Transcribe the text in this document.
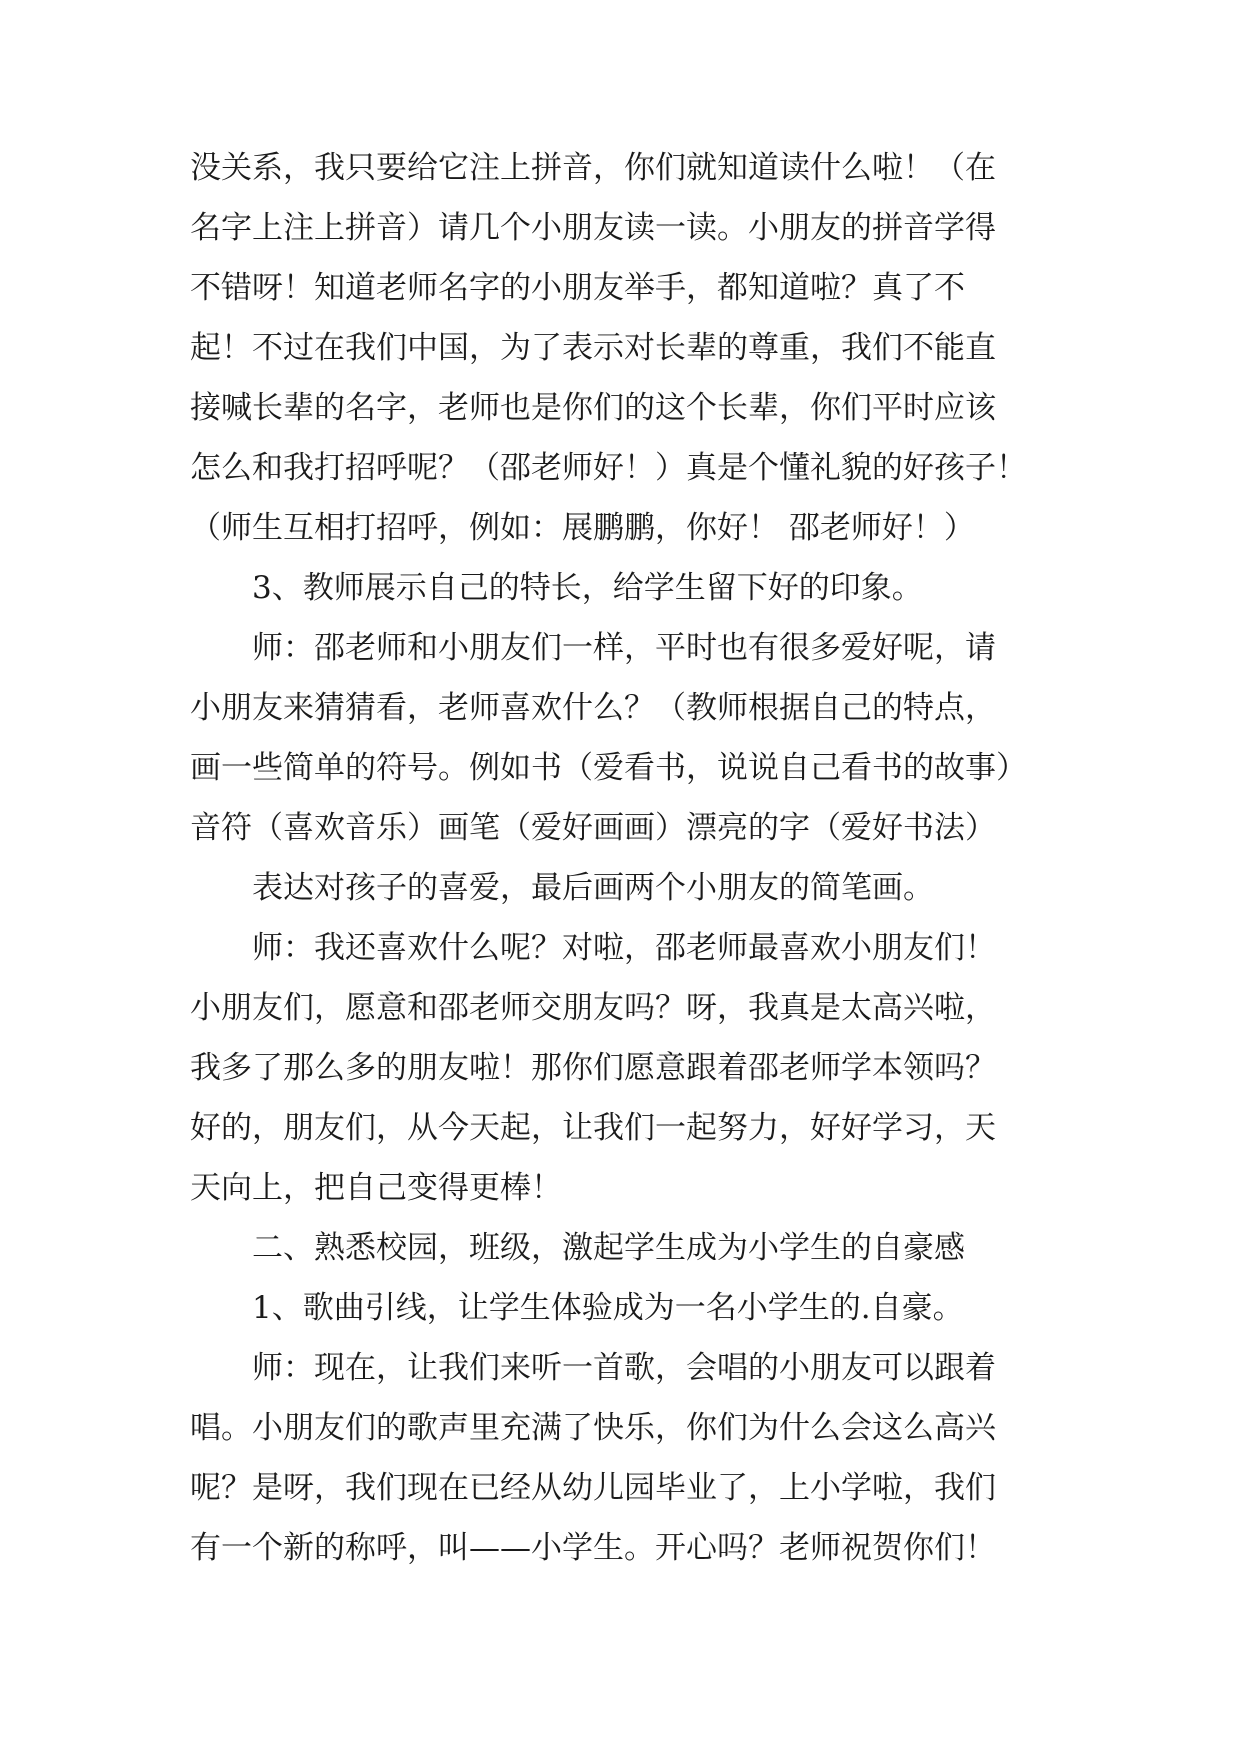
没关系，我只要给它注上拼音，你们就知道读什么啦！（在

名字上注上拼音）请几个小朋友读一读。小朋友的拼音学得

不错呀！知道老师名字的小朋友举手，都知道啦？真了不

起！不过在我们中国，为了表示对长辈的尊重，我们不能直

接喊长辈的名字，老师也是你们的这个长辈，你们平时应该

怎么和我打招呼呢？（邵老师好！）真是个懂礼貌的好孩子！

（师生互相打招呼，例如：展鹏鹏，你好！ 邵老师好！）

3、教师展示自己的特长，给学生留下好的印象。

师：邵老师和小朋友们一样，平时也有很多爱好呢，请

小朋友来猜猜看，老师喜欢什么？（教师根据自己的特点，

画一些简单的符号。例如书（爱看书，说说自己看书的故事）

音符（喜欢音乐）画笔（爱好画画）漂亮的字（爱好书法）

表达对孩子的喜爱，最后画两个小朋友的简笔画。

师：我还喜欢什么呢？对啦，邵老师最喜欢小朋友们！

小朋友们，愿意和邵老师交朋友吗？呀，我真是太高兴啦，

我多了那么多的朋友啦！那你们愿意跟着邵老师学本领吗？

好的，朋友们，从今天起，让我们一起努力，好好学习，天

天向上，把自己变得更棒！

二、熟悉校园，班级，激起学生成为小学生的自豪感

1、歌曲引线，让学生体验成为一名小学生的.自豪。

师：现在，让我们来听一首歌，会唱的小朋友可以跟着

唱。小朋友们的歌声里充满了快乐，你们为什么会这么高兴

呢？是呀，我们现在已经从幼儿园毕业了，上小学啦，我们

有一个新的称呼，叫——小学生。开心吗？老师祝贺你们！
